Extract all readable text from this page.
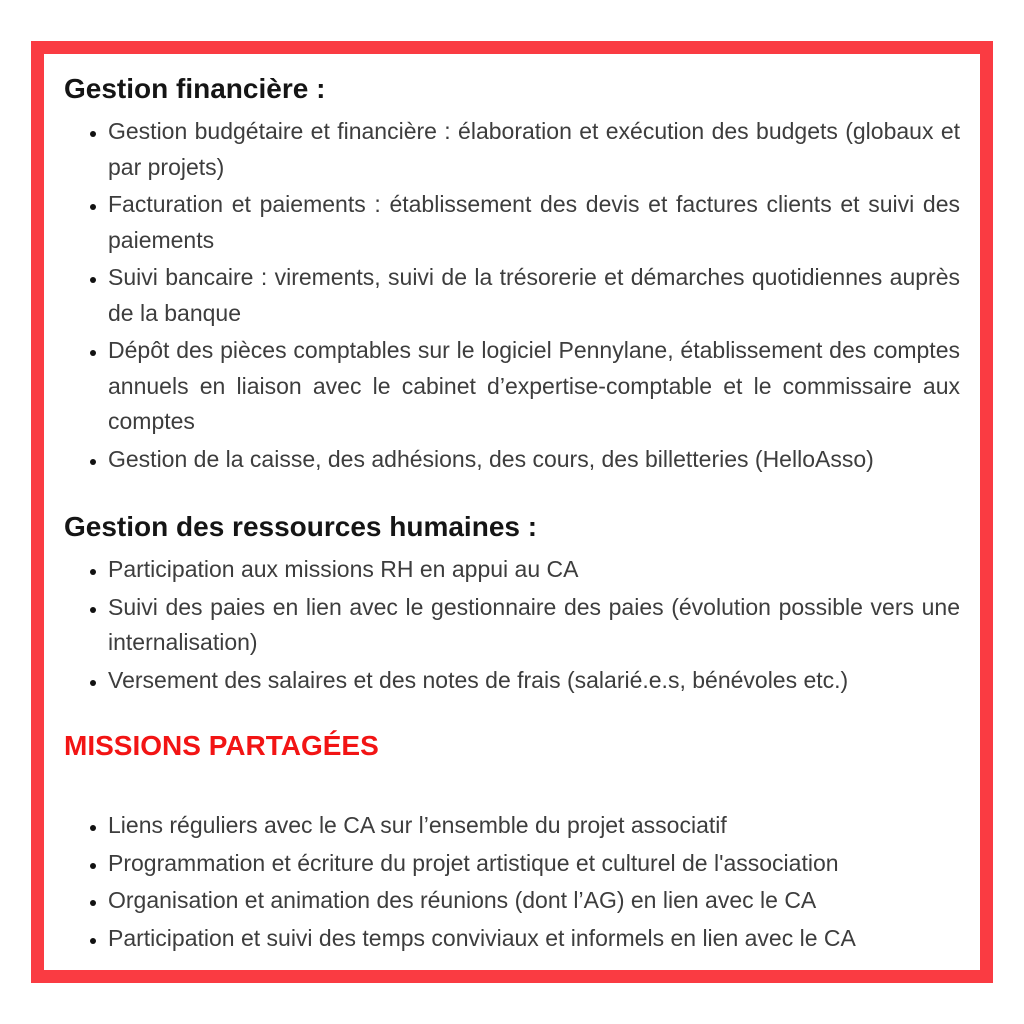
Gestion financière :
• Gestion budgétaire et financière : élaboration et exécution des budgets (globaux et par projets)
• Facturation et paiements : établissement des devis et factures clients et suivi des paiements
• Suivi bancaire : virements, suivi de la trésorerie et démarches quotidiennes auprès de la banque
• Dépôt des pièces comptables sur le logiciel Pennylane, établissement des comptes annuels en liaison avec le cabinet d’expertise-comptable et le commissaire aux comptes
• Gestion de la caisse, des adhésions, des cours, des billetteries (HelloAsso)
Gestion des ressources humaines :
• Participation aux missions RH en appui au CA
• Suivi des paies en lien avec le gestionnaire des paies (évolution possible vers une internalisation)
• Versement des salaires et des notes de frais (salarié.e.s, bénévoles etc.)
MISSIONS PARTAGÉES
• Liens réguliers avec le CA sur l’ensemble du projet associatif
• Programmation et écriture du projet artistique et culturel de l'association
• Organisation et animation des réunions (dont l’AG) en lien avec le CA
• Participation et suivi des temps conviviaux et informels en lien avec le CA
